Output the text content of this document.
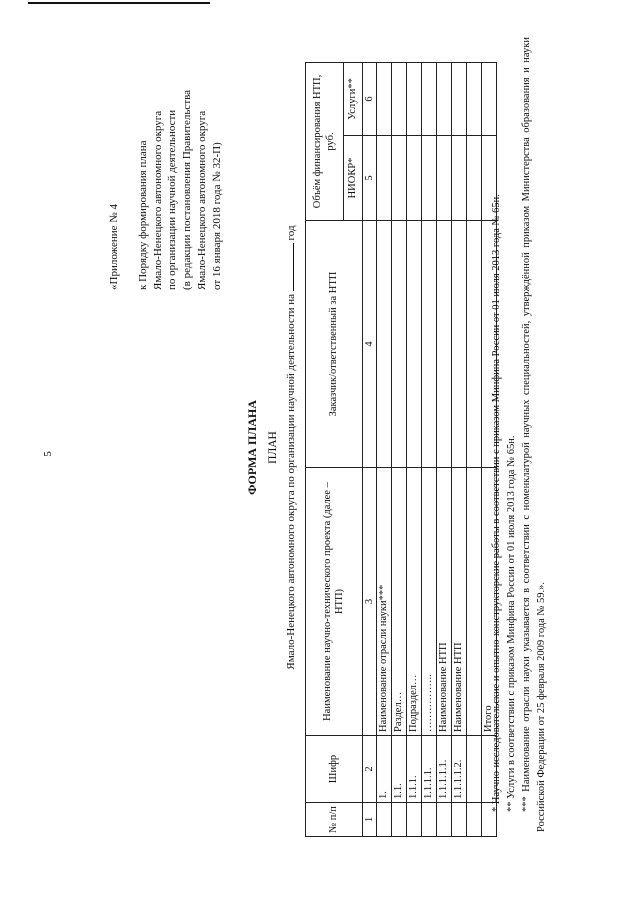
5
«Приложение № 4 к Порядку формирования плана Ямало-Ненецкого автономного округа по организации научной деятельности (в редакции постановления Правительства Ямало-Ненецкого автономного округа от 16 января 2018 года № 32-П)
ФОРМА ПЛАНА ПЛАН Ямало-Ненецкого автономного округа по организации научной деятельности на  год
№ п/п	Шифр	Наименование научно-технического проекта (далее – НТП)	Заказчик/ответственный за НТП	Объём финансирования НТП, руб.	
				НИОКР*	Услуги**
1	2	3	4	5	6
	1.	Наименование отрасли науки***			
	1.1.	Раздел…			
	1.1.1.	Подраздел…			
	1.1.1.1.	……………..			
	1.1.1.1.1.	Наименование НТП			
	1.1.1.1.2.	Наименование НТП			

		Итого			

* Научно-исследовательские и опытно-конструкторские работы в соответствии с приказом Минфина России от 01 июля 2013 года № 65н. ** Услуги в соответствии с приказом Минфина России от 01 июля 2013 года № 65н. *** Наименование отрасли науки указывается в соответствии с номенклатурой научных специальностей, утверждённой приказом Министерства образования и науки Российской Федерации от 25 февраля 2009 года № 59.».
